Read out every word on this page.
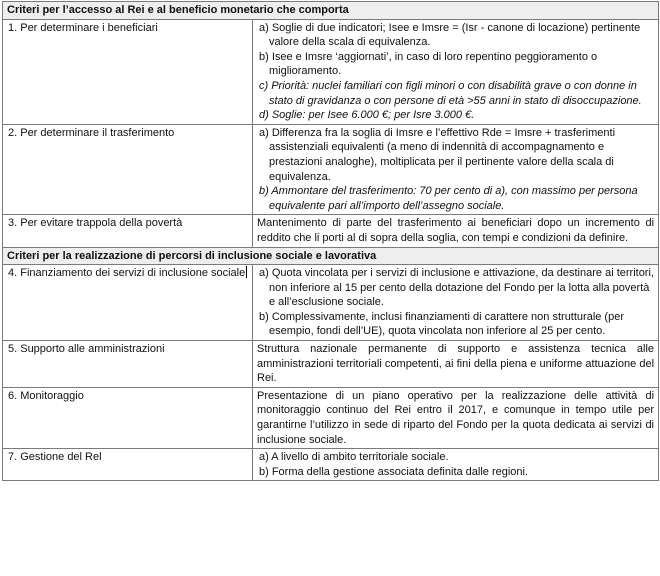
Criteri per l’accesso al Rei e al beneficio monetario che comporta	
1. Per determinare i beneficiari	a) Soglie di due indicatori; Isee e Imsre = (Isr - canone di locazione) pertinente valore della scala di equivalenza.
b) Isee e Imsre ‘aggiornati’, in caso di loro repentino peggioramento o miglioramento.
c) Priorità: nuclei familiari con figli minori o con disabilità grave o con donne in stato di gravidanza o con persone di età >55 anni in stato di disoccupazione.
d) Soglie: per Isee 6.000 €; per Isre 3.000 €.

2. Per determinare il trasferimento	a) Differenza fra la soglia di Imsre e l’effettivo Rde = Imsre + trasferimenti assistenziali equivalenti (a meno di indennità di accompagnamento e prestazioni analoghe), moltiplicata per il pertinente valore della scala di equivalenza.
b) Ammontare del trasferimento: 70 per cento di a), con massimo per persona equivalente pari all’importo dell’assegno sociale.

3. Per evitare trappola della povertà	Mantenimento di parte del trasferimento ai beneficiari dopo un incremento di reddito che li porti al di sopra della soglia, con tempi e condizioni da definire.

Criteri per la realizzazione di percorsi di inclusione sociale e lavorativa	
4. Finanziamento dei servizi di inclusione sociale	a) Quota vincolata per i servizi di inclusione e attivazione, da destinare ai territori, non inferiore al 15 per cento della dotazione del Fondo per la lotta alla povertà e all’esclusione sociale.
b) Complessivamente, inclusi finanziamenti di carattere non strutturale (per esempio, fondi dell’UE), quota vincolata non inferiore al 25 per cento.

5. Supporto alle amministrazioni	Struttura nazionale permanente di supporto e assistenza tecnica alle amministrazioni territoriali competenti, ai fini della piena e uniforme attuazione del Rei.

6. Monitoraggio	Presentazione di un piano operativo per la realizzazione delle attività di monitoraggio continuo del Rei entro il 2017, e comunque in tempo utile per garantirne l’utilizzo in sede di riparto del Fondo per la quota dedicata ai servizi di inclusione sociale.

7. Gestione del Rel	a) A livello di ambito territoriale sociale.
b) Forma della gestione associata definita dalle regioni.
